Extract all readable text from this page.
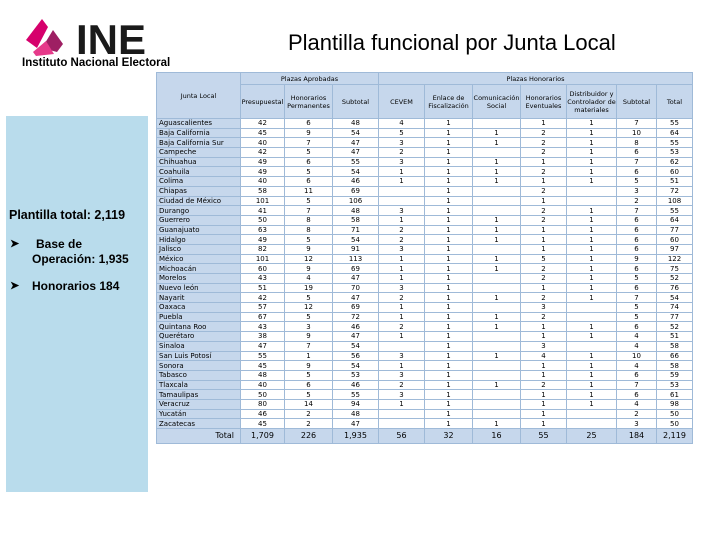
INE
Instituto Nacional Electoral
Plantilla funcional por Junta Local
Plantilla total: 2,119
➤ Base de
Operación: 1,935
➤ Honorarios 184
Junta Local	Plazas Aprobadas			Plazas Honorarios						
	Presupuestal	Honorarios Permanentes	Subtotal	CEVEM	Enlace de Fiscalización	Comunicación Social	Honorarios Eventuales	Distribuidor y Controlador de materiales	Subtotal	Total
Aguascalientes	42	6	48	4	1		1	1	7	55
Baja California	45	9	54	5	1	1	2	1	10	64
Baja California Sur	40	7	47	3	1	1	2	1	8	55
Campeche	42	5	47	2	1		2	1	6	53
Chihuahua	49	6	55	3	1	1	1	1	7	62
Coahuila	49	5	54	1	1	1	2	1	6	60
Colima	40	6	46	1	1	1	1	1	5	51
Chiapas	58	11	69		1		2		3	72
Ciudad de México	101	5	106		1		1		2	108
Durango	41	7	48	3	1		2	1	7	55
Guerrero	50	8	58	1	1	1	2	1	6	64
Guanajuato	63	8	71	2	1	1	1	1	6	77
Hidalgo	49	5	54	2	1	1	1	1	6	60
Jalisco	82	9	91	3	1		1	1	6	97
México	101	12	113	1	1	1	5	1	9	122
Michoacán	60	9	69	1	1	1	2	1	6	75
Morelos	43	4	47	1	1		2	1	5	52
Nuevo león	51	19	70	3	1		1	1	6	76
Nayarit	42	5	47	2	1	1	2	1	7	54
Oaxaca	57	12	69	1	1		3		5	74
Puebla	67	5	72	1	1	1	2		5	77
Quintana Roo	43	3	46	2	1	1	1	1	6	52
Querétaro	38	9	47	1	1		1	1	4	51
Sinaloa	47	7	54		1		3		4	58
San Luis Potosí	55	1	56	3	1	1	4	1	10	66
Sonora	45	9	54	1	1		1	1	4	58
Tabasco	48	5	53	3	1		1	1	6	59
Tlaxcala	40	6	46	2	1	1	2	1	7	53
Tamaulipas	50	5	55	3	1		1	1	6	61
Veracruz	80	14	94	1	1		1	1	4	98
Yucatán	46	2	48		1		1		2	50
Zacatecas	45	2	47		1	1	1		3	50
Total	1,709	226	1,935	56	32	16	55	25	184	2,119
